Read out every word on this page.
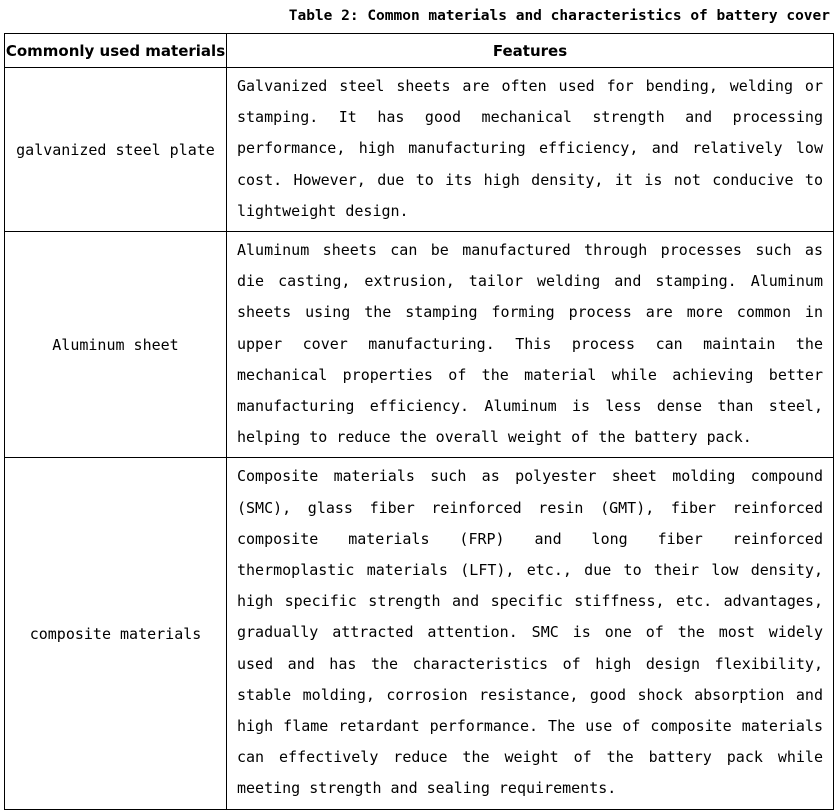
Table 2: Common materials and characteristics of battery cover
Commonly used materials	Features
galvanized steel plate	Galvanized steel sheets are often used for bending, welding or stamping. It has good mechanical strength and processing performance, high manufacturing efficiency, and relatively low cost. However, due to its high density, it is not conducive to lightweight design.
Aluminum sheet	Aluminum sheets can be manufactured through processes such as die casting, extrusion, tailor welding and stamping. Aluminum sheets using the stamping forming process are more common in upper cover manufacturing. This process can maintain the mechanical properties of the material while achieving better manufacturing efficiency. Aluminum is less dense than steel, helping to reduce the overall weight of the battery pack.
composite materials	Composite materials such as polyester sheet molding compound (SMC), glass fiber reinforced resin (GMT), fiber reinforced composite materials (FRP) and long fiber reinforced thermoplastic materials (LFT), etc., due to their low density, high specific strength and specific stiffness, etc. advantages, gradually attracted attention. SMC is one of the most widely used and has the characteristics of high design flexibility, stable molding, corrosion resistance, good shock absorption and high flame retardant performance. The use of composite materials can effectively reduce the weight of the battery pack while meeting strength and sealing requirements.
